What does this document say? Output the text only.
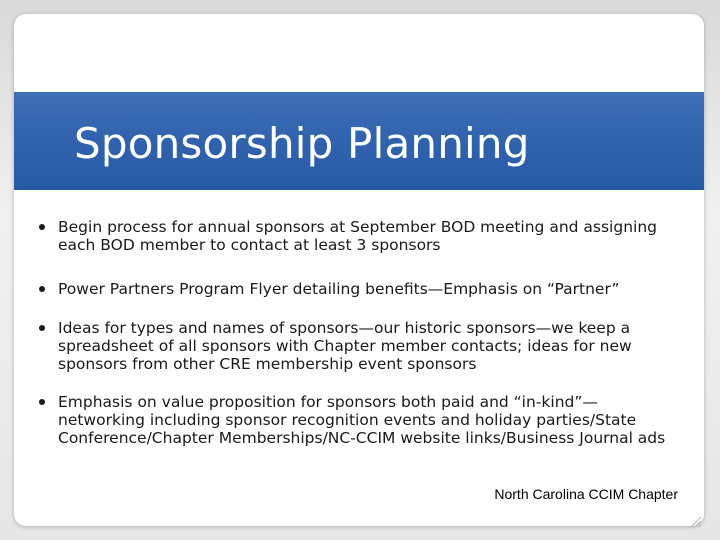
Sponsorship Planning
Begin process for annual sponsors at September BOD meeting and assigning each BOD member to contact at least 3 sponsors
Power Partners Program Flyer detailing benefits—Emphasis on “Partner”
Ideas for types and names of sponsors—our historic sponsors—we keep a spreadsheet of all sponsors with Chapter member contacts; ideas for new sponsors from other CRE membership event sponsors
Emphasis on value proposition for sponsors both paid and “in-kind”—networking including sponsor recognition events and holiday parties/State Conference/Chapter Memberships/NC-CCIM website links/Business Journal ads
North Carolina CCIM Chapter
